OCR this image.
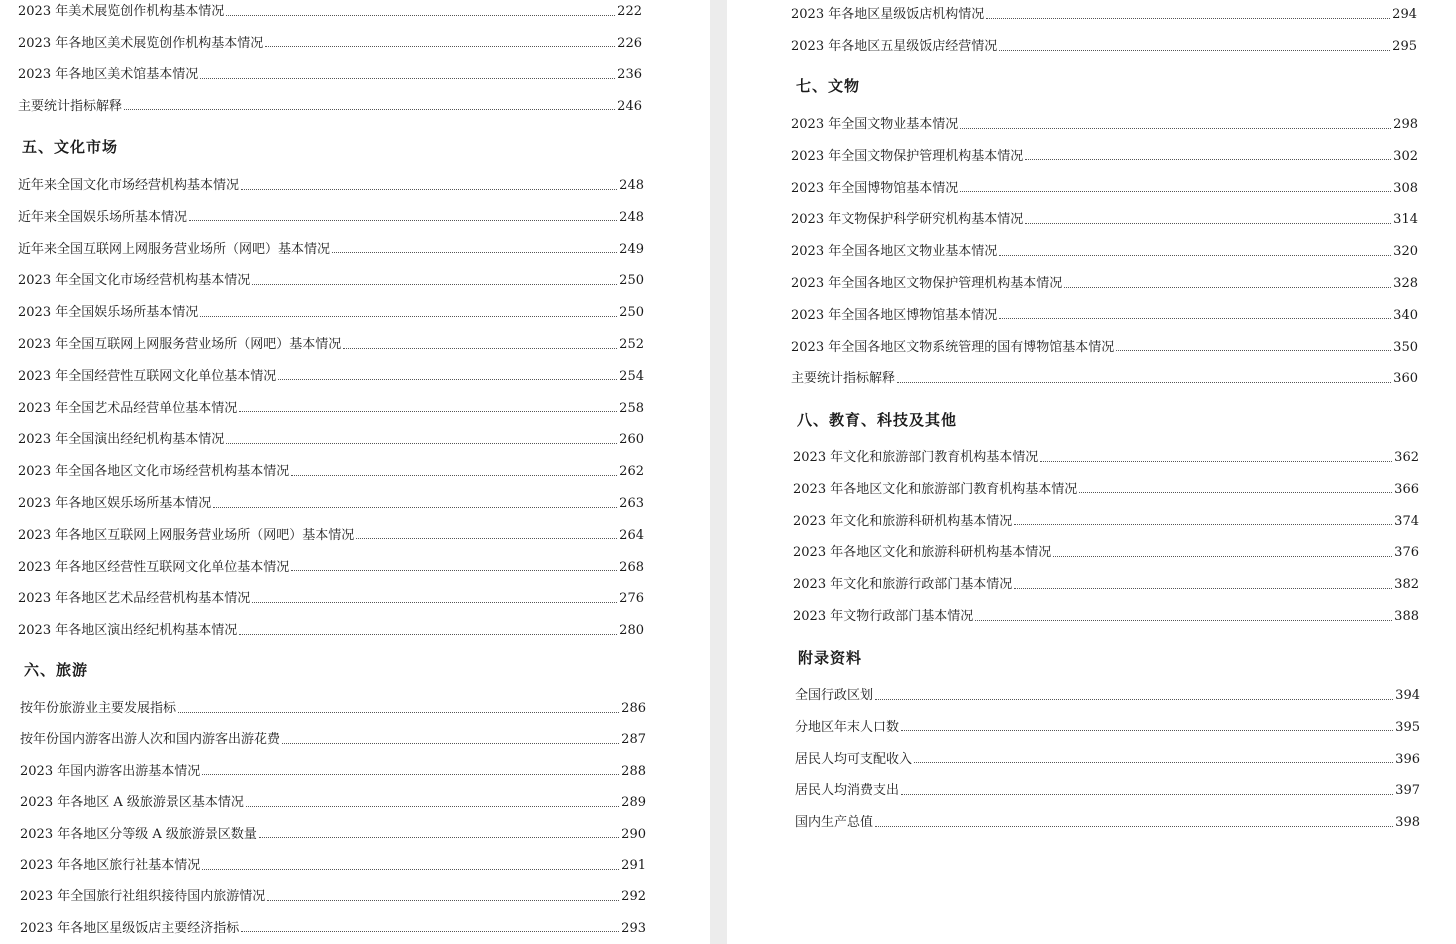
2023 年美术展览创作机构基本情况	222
2023 年各地区美术展览创作机构基本情况	226
2023 年各地区美术馆基本情况	236
主要统计指标解释	246
五、文化市场
近年来全国文化市场经营机构基本情况	248
近年来全国娱乐场所基本情况	248
近年来全国互联网上网服务营业场所（网吧）基本情况	249
2023 年全国文化市场经营机构基本情况	250
2023 年全国娱乐场所基本情况	250
2023 年全国互联网上网服务营业场所（网吧）基本情况	252
2023 年全国经营性互联网文化单位基本情况	254
2023 年全国艺术品经营单位基本情况	258
2023 年全国演出经纪机构基本情况	260
2023 年全国各地区文化市场经营机构基本情况	262
2023 年各地区娱乐场所基本情况	263
2023 年各地区互联网上网服务营业场所（网吧）基本情况	264
2023 年各地区经营性互联网文化单位基本情况	268
2023 年各地区艺术品经营机构基本情况	276
2023 年各地区演出经纪机构基本情况	280
六、旅游
按年份旅游业主要发展指标	286
按年份国内游客出游人次和国内游客出游花费	287
2023 年国内游客出游基本情况	288
2023 年各地区 A 级旅游景区基本情况	289
2023 年各地区分等级 A 级旅游景区数量	290
2023 年各地区旅行社基本情况	291
2023 年全国旅行社组织接待国内旅游情况	292
2023 年各地区星级饭店主要经济指标	293
2023 年各地区星级饭店机构情况	294
2023 年各地区五星级饭店经营情况	295
七、文物
2023 年全国文物业基本情况	298
2023 年全国文物保护管理机构基本情况	302
2023 年全国博物馆基本情况	308
2023 年文物保护科学研究机构基本情况	314
2023 年全国各地区文物业基本情况	320
2023 年全国各地区文物保护管理机构基本情况	328
2023 年全国各地区博物馆基本情况	340
2023 年全国各地区文物系统管理的国有博物馆基本情况	350
主要统计指标解释	360
八、教育、科技及其他
2023 年文化和旅游部门教育机构基本情况	362
2023 年各地区文化和旅游部门教育机构基本情况	366
2023 年文化和旅游科研机构基本情况	374
2023 年各地区文化和旅游科研机构基本情况	376
2023 年文化和旅游行政部门基本情况	382
2023 年文物行政部门基本情况	388
附录资料
全国行政区划	394
分地区年末人口数	395
居民人均可支配收入	396
居民人均消费支出	397
国内生产总值	398
